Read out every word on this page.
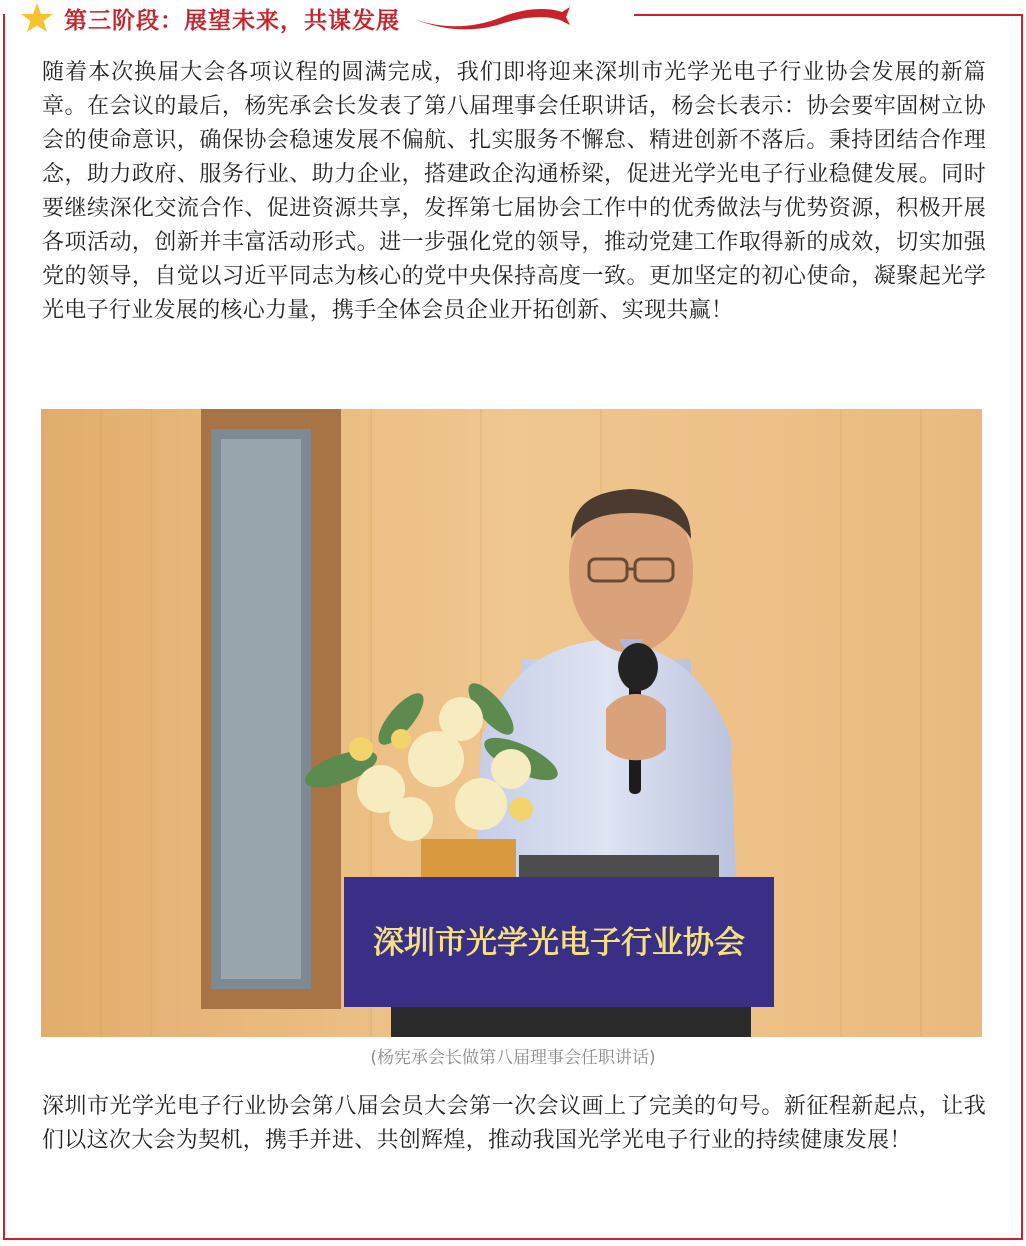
第三阶段：展望未来，共谋发展

随着本次换届大会各项议程的圆满完成，我们即将迎来深圳市光学光电子行业协会发展的新篇章。在会议的最后，杨宪承会长发表了第八届理事会任职讲话，杨会长表示：协会要牢固树立协会的使命意识，确保协会稳速发展不偏航、扎实服务不懈怠、精进创新不落后。秉持团结合作理念，助力政府、服务行业、助力企业，搭建政企沟通桥梁，促进光学光电子行业稳健发展。同时要继续深化交流合作、促进资源共享，发挥第七届协会工作中的优秀做法与优势资源，积极开展各项活动，创新并丰富活动形式。进一步强化党的领导，推动党建工作取得新的成效，切实加强党的领导，自觉以习近平同志为核心的党中央保持高度一致。更加坚定的初心使命，凝聚起光学光电子行业发展的核心力量，携手全体会员企业开拓创新、实现共赢！

深圳市光学光电子行业协会
(杨宪承会长做第八届理事会任职讲话)

深圳市光学光电子行业协会第八届会员大会第一次会议画上了完美的句号。新征程新起点，让我们以这次大会为契机，携手并进、共创辉煌，推动我国光学光电子行业的持续健康发展！
